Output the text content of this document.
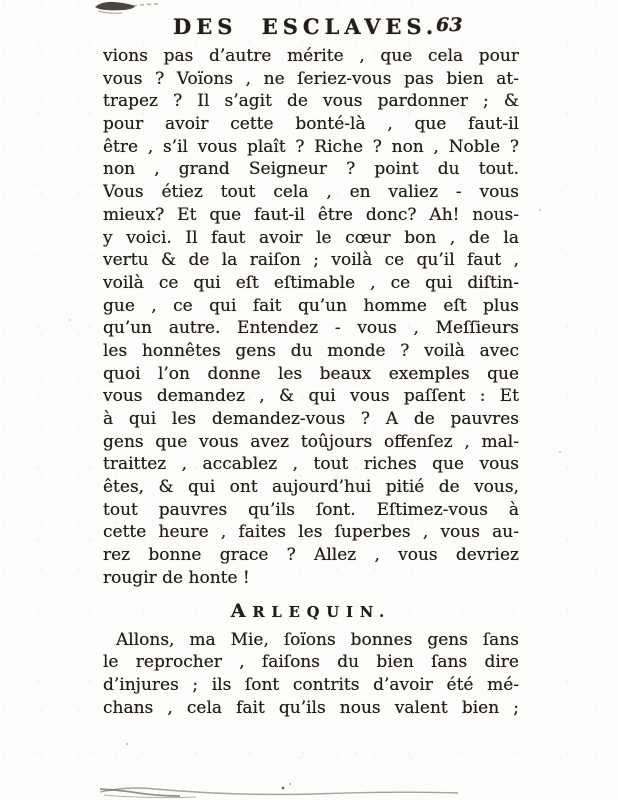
DES ESCLAVES.
63
vions pas d’autre mérite , que cela pour
vous ? Voïons , ne ſeriez-vous pas bien at-
trapez ? Il s’agit de vous pardonner ; &
pour avoir cette bonté-là , que faut-il
être , s’il vous plaît ? Riche ? non , Noble ?
non , grand Seigneur ? point du tout.
Vous étiez tout cela , en valiez - vous
mieux? Et que faut-il être donc? Ah! nous-
y voici. Il faut avoir le cœur bon , de la
vertu & de la raiſon ; voilà ce qu’il faut ,
voilà ce qui eſt eſtimable , ce qui diſtin-
gue , ce qui fait qu’un homme eſt plus
qu’un autre. Entendez - vous , Meſſieurs
les honnêtes gens du monde ? voilà avec
quoi l’on donne les beaux exemples que
vous demandez , & qui vous paſſent : Et
à qui les demandez-vous ? A de pauvres
gens que vous avez toûjours offenſez , mal-
traittez , accablez , tout riches que vous
êtes, & qui ont aujourd’hui pitié de vous,
tout pauvres qu’ils ſont. Eſtimez-vous à
cette heure , faites les ſuperbes , vous au-
rez bonne grace ? Allez , vous devriez
rougir de honte !
ARLEQUIN.
Allons, ma Mie, ſoïons bonnes gens ſans
le reprocher , faiſons du bien ſans dire
d’injures ; ils ſont contrits d’avoir été mé-
chans , cela fait qu’ils nous valent bien ;
